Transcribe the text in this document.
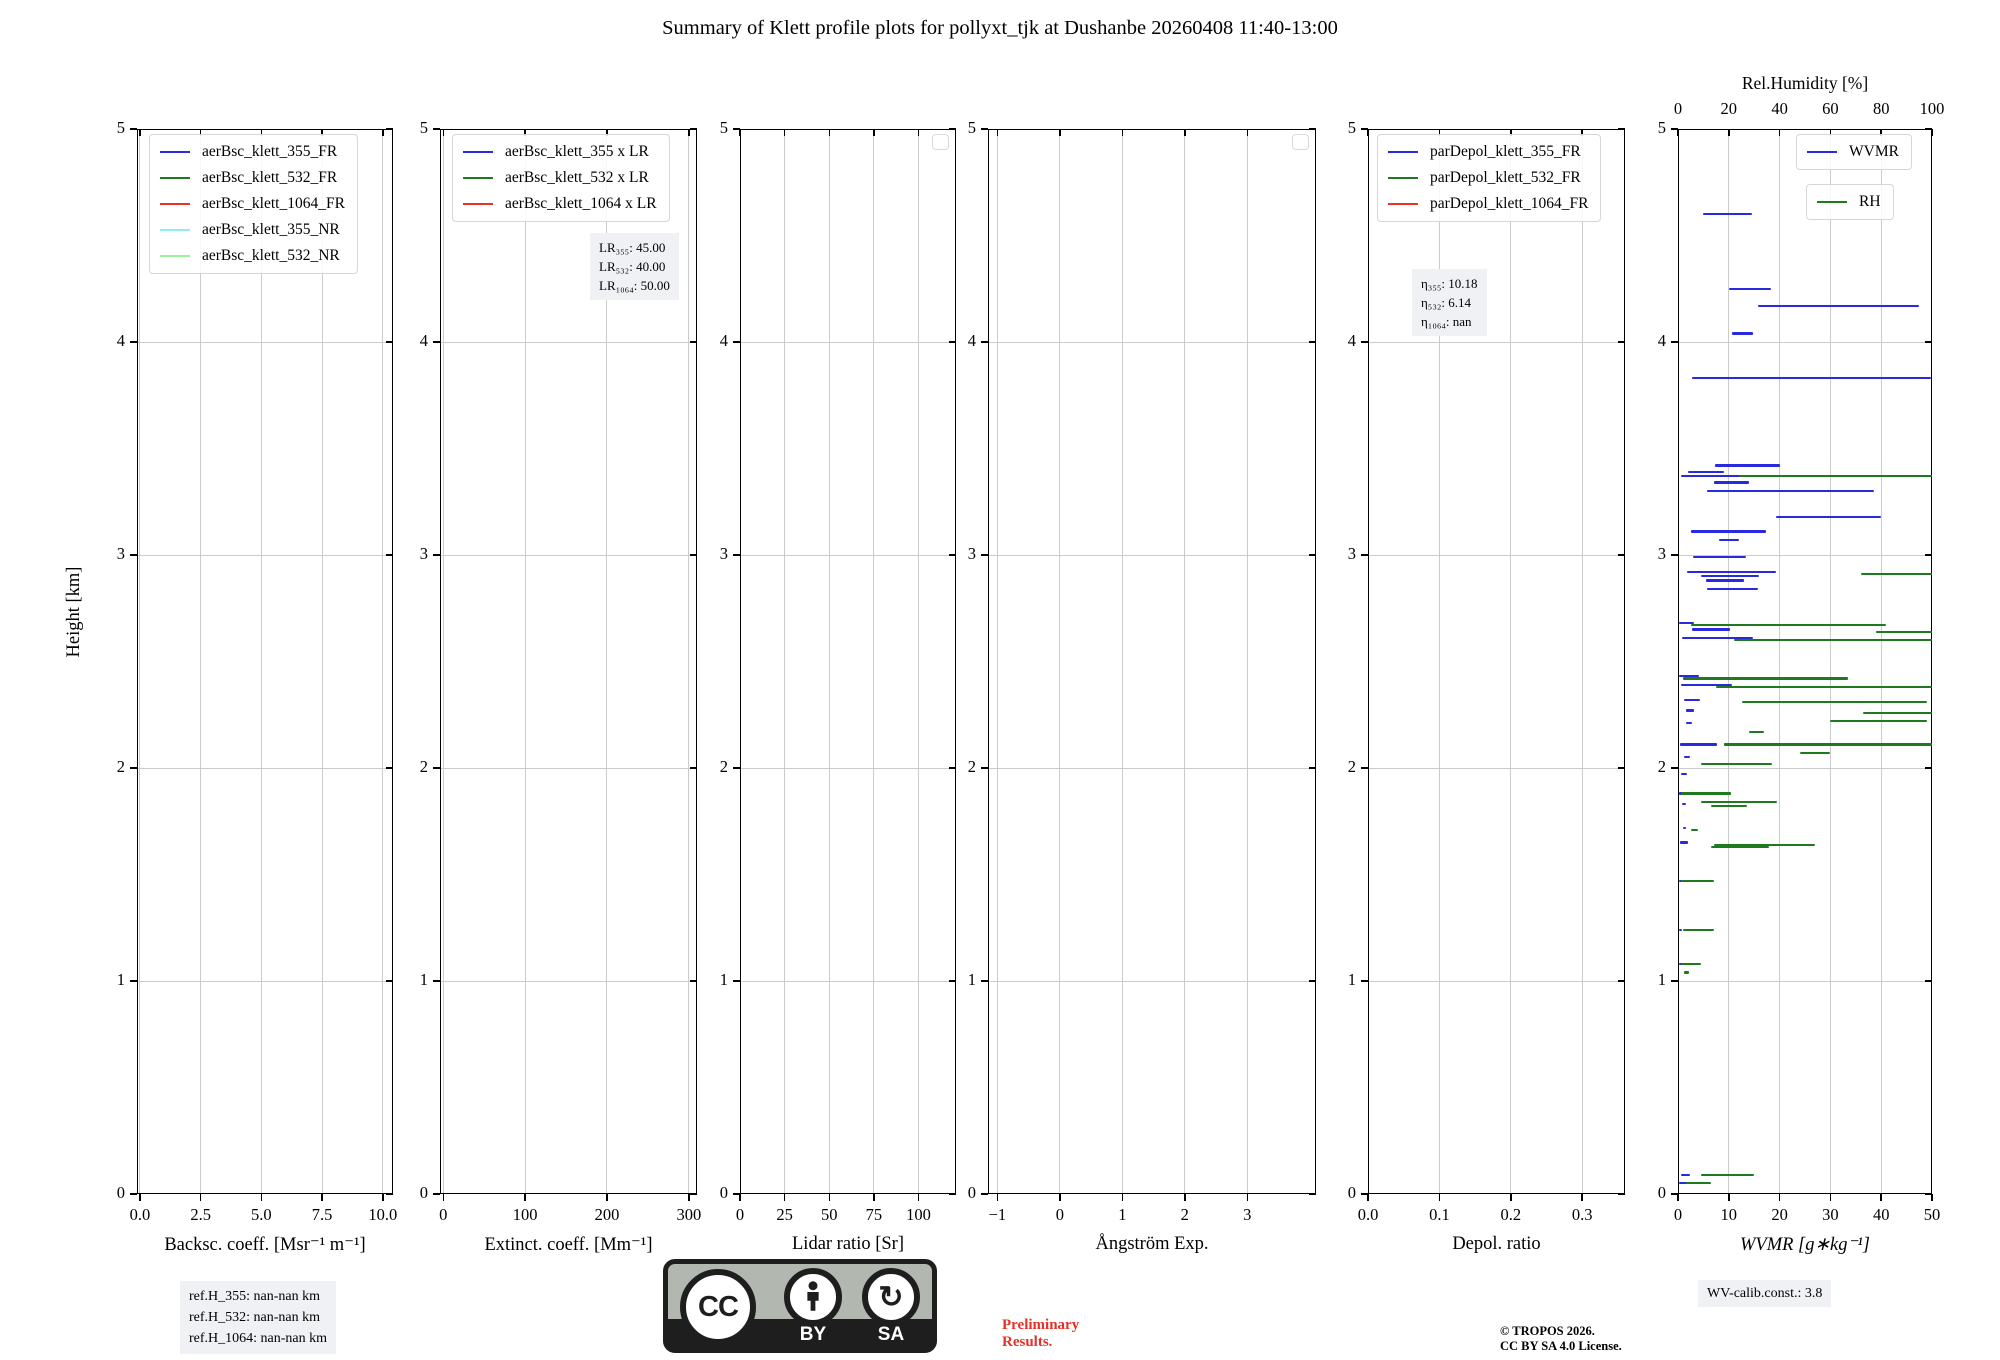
Summary of Klett profile plots for pollyxt_tjk at Dushanbe 20260408 11:40-13:00
Height [km]
ref.H_355: nan-nan km
ref.H_532: nan-nan km
ref.H_1064: nan-nan km
CC	↻
BY	SA	Preliminary
Results.
© TROPOS 2026.
CC BY SA 4.0 License.
WV-calib.const.: 3.8
0
1
2
3
4
5
0.0	2.5	5.0	7.5	10.0
Backsc. coeff. [Msr⁻¹ m⁻¹]
aerBsc_klett_355_FR
aerBsc_klett_532_FR
aerBsc_klett_1064_FR
aerBsc_klett_355_NR
aerBsc_klett_532_NR
0
1
2
3
4
5
0	100	200	300
Extinct. coeff. [Mm⁻¹]
aerBsc_klett_355 x LR
aerBsc_klett_532 x LR
aerBsc_klett_1064 x LR
LR₃₅₅: 45.00
LR₅₃₂: 40.00
LR₁₀₆₄: 50.00
0
1
2
3
4
5
0	25	50	75	100
Lidar ratio [Sr]
0
1
2
3
4
5
−1	0	1	2	3
Ångström Exp.
0
1
2
3
4
5
0.0	0.1	0.2	0.3
Depol. ratio
parDepol_klett_355_FR
parDepol_klett_532_FR
parDepol_klett_1064_FR
η₃₅₅: 10.18
η₅₃₂: 6.14
η₁₀₆₄: nan
0
1
2
3
4
5
0	10	20	30	40	50
WVMR [g∗kg⁻¹]
0	20	40	60	80	100
Rel.Humidity [%]
WVMR
RH
